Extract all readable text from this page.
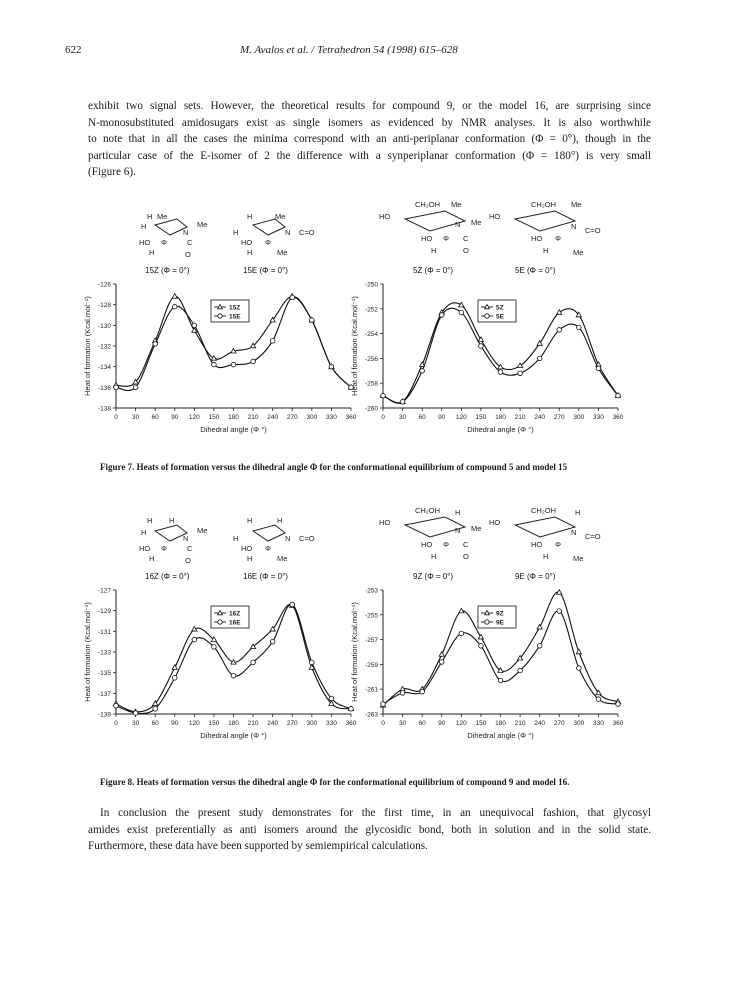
622	M. Avalos et al. / Tetrahedron 54 (1998) 615–628

exhibit two signal sets. However, the theoretical results for compound 9, or the model 16, are surprising since

N-monosubstituted amidosugars exist as single isomers as evidenced by NMR analyses. It is also worthwhile

to note that in all the cases the minima correspond with an anti-periplanar conformation (Φ = 0°), though in the

particular case of the E-isomer of 2 the difference with a synperiplanar conformation (Φ = 180°) is very small

(Figure 6).

H Me
H
N
Me
HO Φ	C
H	O
H	Me
H	N C=O
HO Φ
H	Me
CH₂OH Me
HO
N Me
HO Φ C
H	O
CH₂OH Me
HO
N C=O
HO Φ
H	Me
15Z (Φ = 0°)	15E (Φ = 0°)	5Z (Φ = 0°)	5E (Φ = 0°)
0 30 60 90 120 150 180 210 240 270 300 330 360
-126
-128
-130
-132
-134
-136
-138
Dihedral angle (Φ °)
Heat of formation (Kcal.mol⁻¹)	15Z
15E
0 30 60 90 120 150 180 210 240 270 300 330 360
-250
-252
-254
-256
-258
-260
Dihedral angle (Φ °)
Heat of formation (Kcal.mol⁻¹)	5Z
5E
Figure 7. Heats of formation versus the dihedral angle Φ for the conformational equilibrium of compound 5 and model 15
H H
H
N
Me
HO Φ	C
H	O
H	H
H	N C=O
HO Φ
H	Me
CH₂OH H
HO
N Me
HO Φ C
H	O
CH₂OH	H
HO
N C=O
HO Φ
H	Me
16Z (Φ = 0°)	16E (Φ = 0°)	9Z (Φ = 0°)	9E (Φ = 0°)
0 30 60 90 120 150 180 210 240 270 300 330 360
-127
-129
-131
-133
-135
-137
-139
Dihedral angle (Φ °)
Heat of formation (Kcal.mol⁻¹)	16Z
16E
0 30 60 90 120 150 180 210 240 270 300 330 360
-253
-255
-257
-259
-261
-263
Dihedral angle (Φ °)
Heat of formation (Kcal.mol⁻¹)	9Z
9E
Figure 8. Heats of formation versus the dihedral angle Φ for the conformational equilibrium of compound 9 and model 16.

In conclusion the present study demonstrates for the first time, in an unequivocal fashion, that glycosyl

amides exist preferentially as anti isomers around the glycosidic bond, both in solution and in the solid state.

Furthermore, these data have been supported by semiempirical calculations.
